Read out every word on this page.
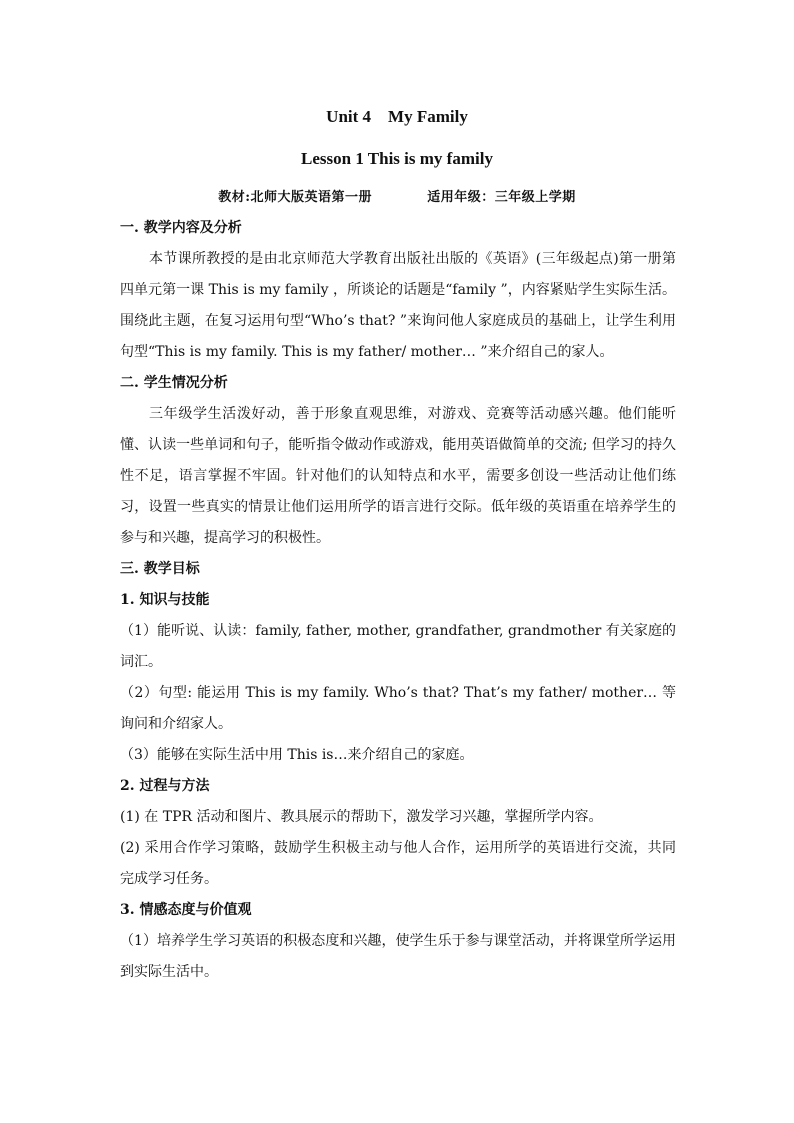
Unit 4    My Family
Lesson 1 This is my family
教材:北师大版英语第一册	适用年级：三年级上学期

一. 教学内容及分析

本节课所教授的是由北京师范大学教育出版社出版的《英语》(三年级起点)第一册第四单元第一课 This is my family ，所谈论的话题是“family ”，内容紧贴学生实际生活。围绕此主题，在复习运用句型“Who’s that? ”来询问他人家庭成员的基础上，让学生利用句型“This is my family. This is my father/ mother… ”来介绍自己的家人。

二. 学生情况分析

三年级学生活泼好动，善于形象直观思维，对游戏、竞赛等活动感兴趣。他们能听懂、认读一些单词和句子，能听指令做动作或游戏，能用英语做简单的交流; 但学习的持久性不足，语言掌握不牢固。针对他们的认知特点和水平，需要多创设一些活动让他们练习，设置一些真实的情景让他们运用所学的语言进行交际。低年级的英语重在培养学生的参与和兴趣，提高学习的积极性。

三. 教学目标

1. 知识与技能

（1）能听说、认读：family, father, mother, grandfather, grandmother 有关家庭的词汇。

（2）句型: 能运用 This is my family. Who’s that? That’s my father/ mother… 等询问和介绍家人。

（3）能够在实际生活中用 This is…来介绍自己的家庭。

2. 过程与方法

(1) 在 TPR 活动和图片、教具展示的帮助下，激发学习兴趣，掌握所学内容。

(2) 采用合作学习策略，鼓励学生积极主动与他人合作，运用所学的英语进行交流，共同完成学习任务。

3. 情感态度与价值观

（1）培养学生学习英语的积极态度和兴趣，使学生乐于参与课堂活动，并将课堂所学运用到实际生活中。
